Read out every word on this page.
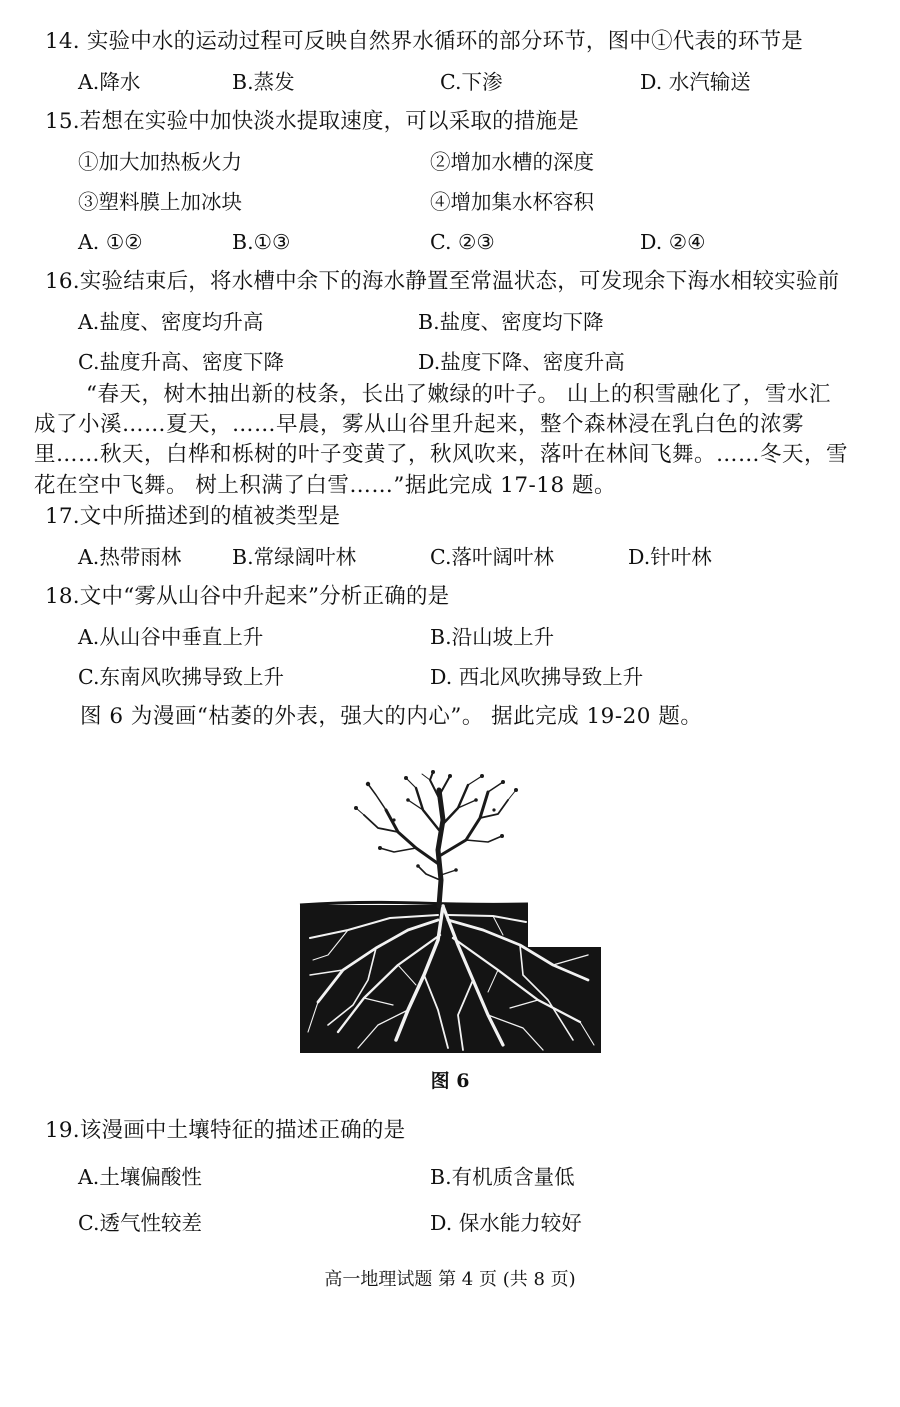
14. 实验中水的运动过程可反映自然界水循环的部分环节，图中①代表的环节是
A.降水	B.蒸发	C.下渗	D. 水汽输送
15.若想在实验中加快淡水提取速度，可以采取的措施是
①加大加热板火力	②增加水槽的深度
③塑料膜上加冰块	④增加集水杯容积
A. ①②	B.①③	C. ②③	D. ②④
16.实验结束后，将水槽中余下的海水静置至常温状态，可发现余下海水相较实验前
A.盐度、密度均升高	B.盐度、密度均下降
C.盐度升高、密度下降	D.盐度下降、密度升高
“春天，树木抽出新的枝条，长出了嫩绿的叶子。 山上的积雪融化了，雪水汇
成了小溪……夏天，……早晨，雾从山谷里升起来，整个森林浸在乳白色的浓雾
里……秋天，白桦和栎树的叶子变黄了，秋风吹来，落叶在林间飞舞。……冬天，雪
花在空中飞舞。 树上积满了白雪……”据此完成 17-18 题。
17.文中所描述到的植被类型是
A.热带雨林 B.常绿阔叶林	C.落叶阔叶林	D.针叶林
18.文中“雾从山谷中升起来”分析正确的是
A.从山谷中垂直上升	B.沿山坡上升
C.东南风吹拂导致上升	D. 西北风吹拂导致上升
图 6 为漫画“枯萎的外表，强大的内心”。 据此完成 19-20 题。
图 6
19.该漫画中土壤特征的描述正确的是
A.土壤偏酸性	B.有机质含量低
C.透气性较差	D. 保水能力较好
高一地理试题 第 4 页 (共 8 页)
